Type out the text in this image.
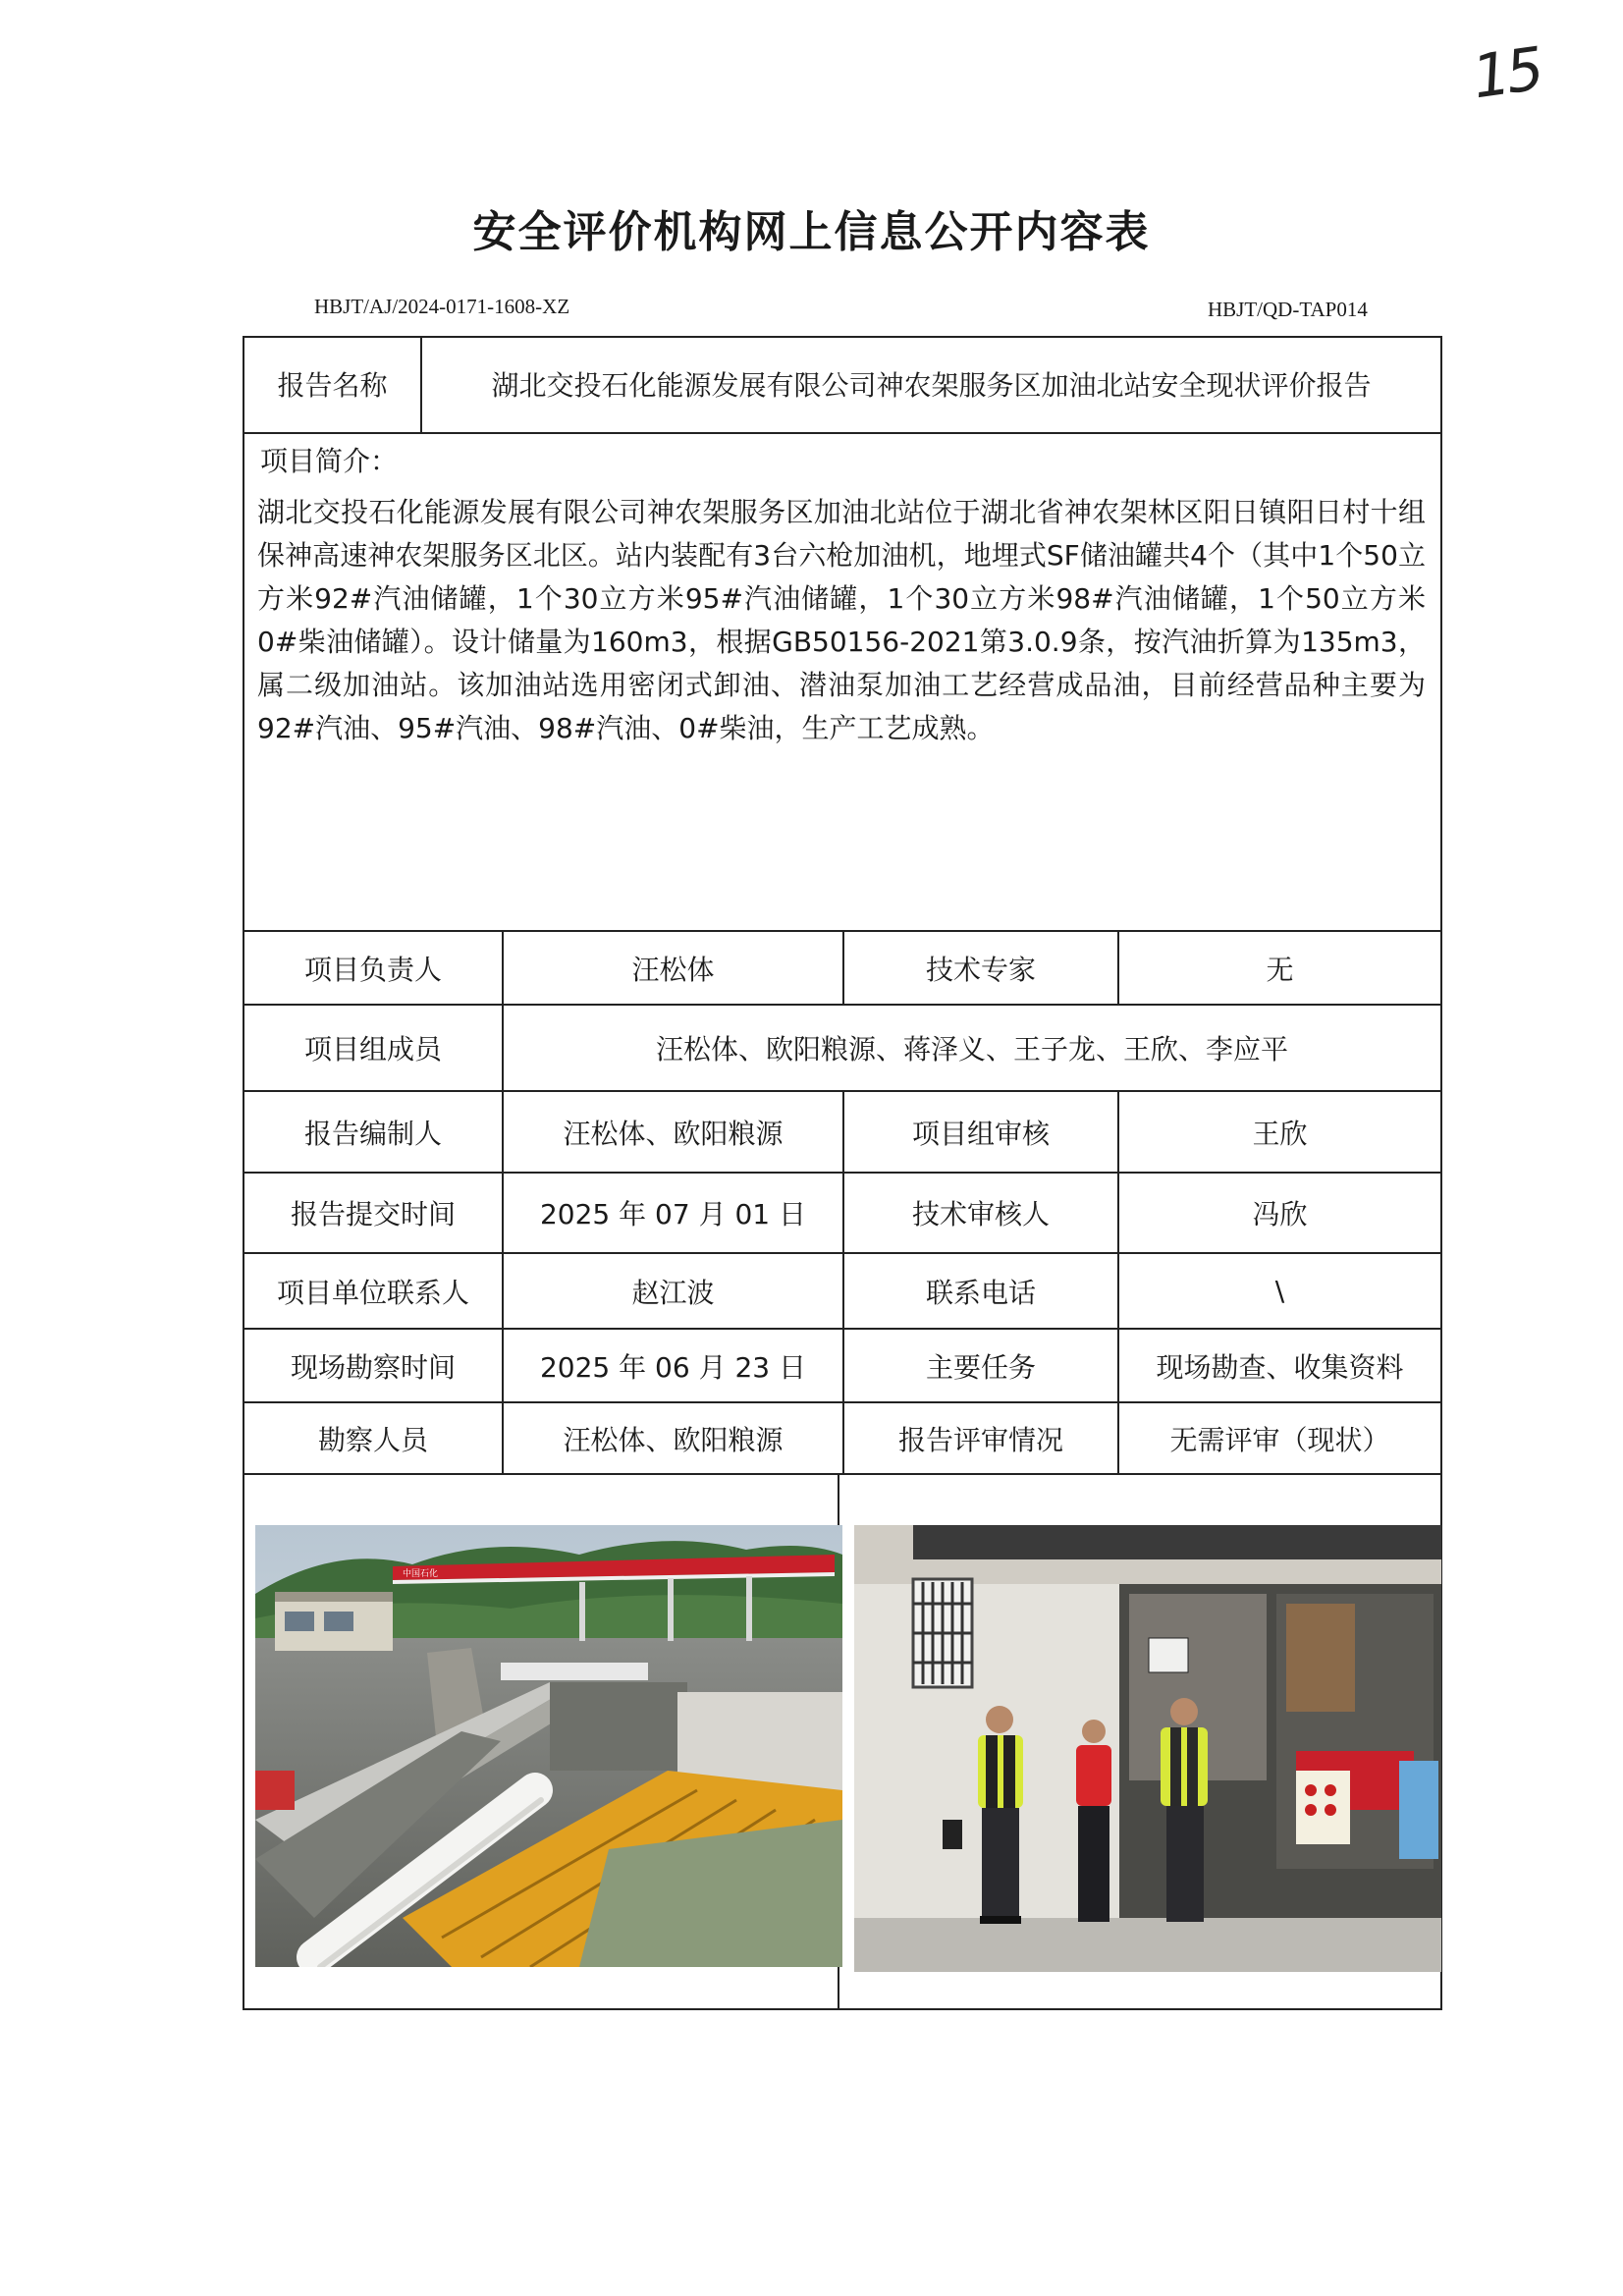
15
安全评价机构网上信息公开内容表
HBJT/AJ/2024-0171-1608-XZ	HBJT/QD-TAP014
报告名称	湖北交投石化能源发展有限公司神农架服务区加油北站安全现状评价报告
项目简介：
湖北交投石化能源发展有限公司神农架服务区加油北站位于湖北省神农架林区阳日镇阳日村十组保神高速神农架服务区北区。站内装配有3台六枪加油机，地埋式SF储油罐共4个（其中1个50立方米92#汽油储罐，1个30立方米95#汽油储罐，1个30立方米98#汽油储罐，1个50立方米0#柴油储罐）。设计储量为160m3，根据GB50156-2021第3.0.9条，按汽油折算为135m3，属二级加油站。该加油站选用密闭式卸油、潜油泵加油工艺经营成品油，目前经营品种主要为92#汽油、95#汽油、98#汽油、0#柴油，生产工艺成熟。
项目负责人	汪松体	技术专家	无
项目组成员	汪松体、欧阳粮源、蒋泽义、王子龙、王欣、李应平
报告编制人	汪松体、欧阳粮源	项目组审核	王欣
报告提交时间	2025 年 07 月 01 日	技术审核人	冯欣
项目单位联系人	赵江波	联系电话	\
现场勘察时间	2025 年 06 月 23 日	主要任务	现场勘查、收集资料
勘察人员	汪松体、欧阳粮源	报告评审情况	无需评审（现状）
中国石化
